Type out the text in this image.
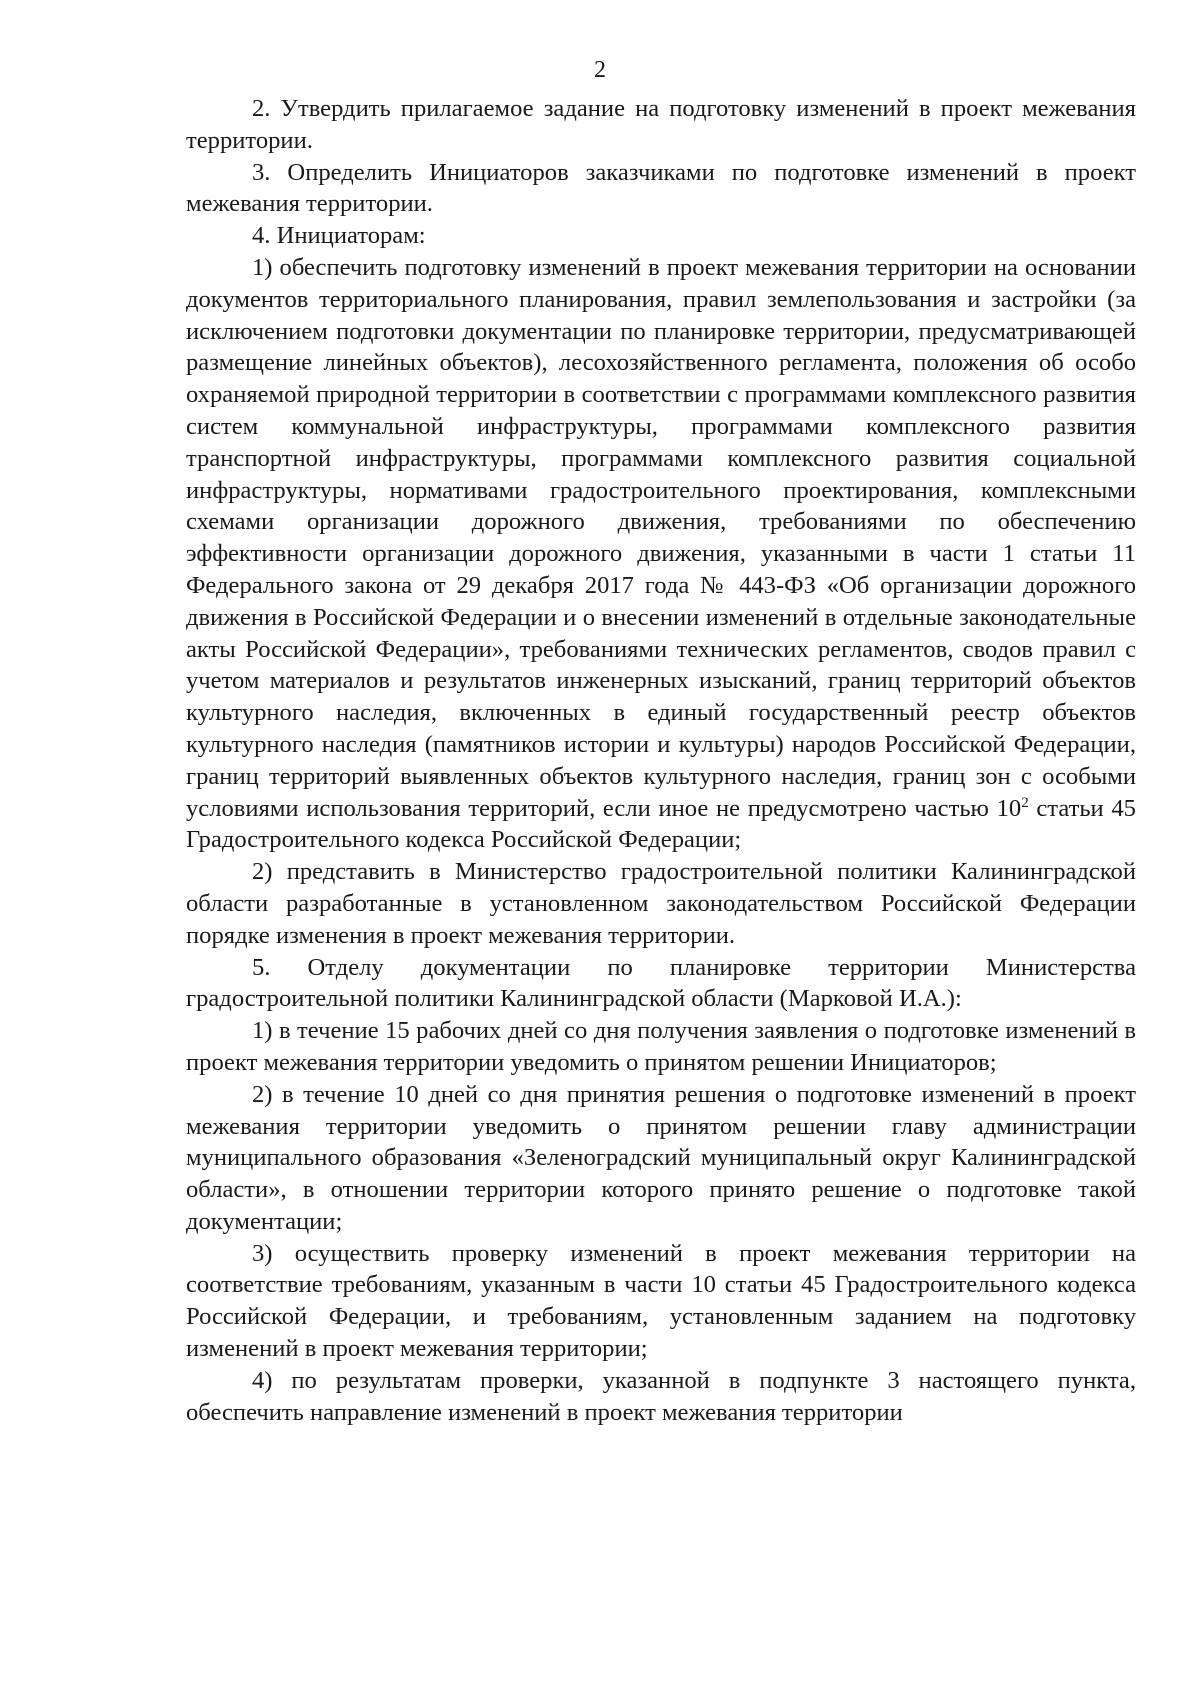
2

2. Утвердить прилагаемое задание на подготовку изменений в проект межевания территории.

3. Определить Инициаторов заказчиками по подготовке изменений в проект межевания территории.

4. Инициаторам:

1) обеспечить подготовку изменений в проект межевания территории на основании документов территориального планирования, правил землепользования и застройки (за исключением подготовки документации по планировке территории, предусматривающей размещение линейных объектов), лесохозяйственного регламента, положения об особо охраняемой природной территории в соответствии с программами комплексного развития систем коммунальной инфраструктуры, программами комплексного развития транспортной инфраструктуры, программами комплексного развития социальной инфраструктуры, нормативами градостроительного проектирования, комплексными схемами организации дорожного движения, требованиями по обеспечению эффективности организации дорожного движения, указанными в части 1 статьи 11 Федерального закона от 29 декабря 2017 года № 443-ФЗ «Об организации дорожного движения в Российской Федерации и о внесении изменений в отдельные законодательные акты Российской Федерации», требованиями технических регламентов, сводов правил с учетом материалов и результатов инженерных изысканий, границ территорий объектов культурного наследия, включенных в единый государственный реестр объектов культурного наследия (памятников истории и культуры) народов Российской Федерации, границ территорий выявленных объектов культурного наследия, границ зон с особыми условиями использования территорий, если иное не предусмотрено частью $10^2$ статьи 45 Градостроительного кодекса Российской Федерации;

2) представить в Министерство градостроительной политики Калининградской области разработанные в установленном законодательством Российской Федерации порядке изменения в проект межевания территории.

5. Отделу документации по планировке территории Министерства градостроительной политики Калининградской области (Марковой И.А.):

1) в течение 15 рабочих дней со дня получения заявления о подготовке изменений в проект межевания территории уведомить о принятом решении Инициаторов;

2) в течение 10 дней со дня принятия решения о подготовке изменений в проект межевания территории уведомить о принятом решении главу администрации муниципального образования «Зеленоградский муниципальный округ Калининградской области», в отношении территории которого принято решение о подготовке такой документации;

3) осуществить проверку изменений в проект межевания территории на соответствие требованиям, указанным в части 10 статьи 45 Градостроительного кодекса Российской Федерации, и требованиям, установленным заданием на подготовку изменений в проект межевания территории;

4) по результатам проверки, указанной в подпункте 3 настоящего пункта, обеспечить направление изменений в проект межевания территории
